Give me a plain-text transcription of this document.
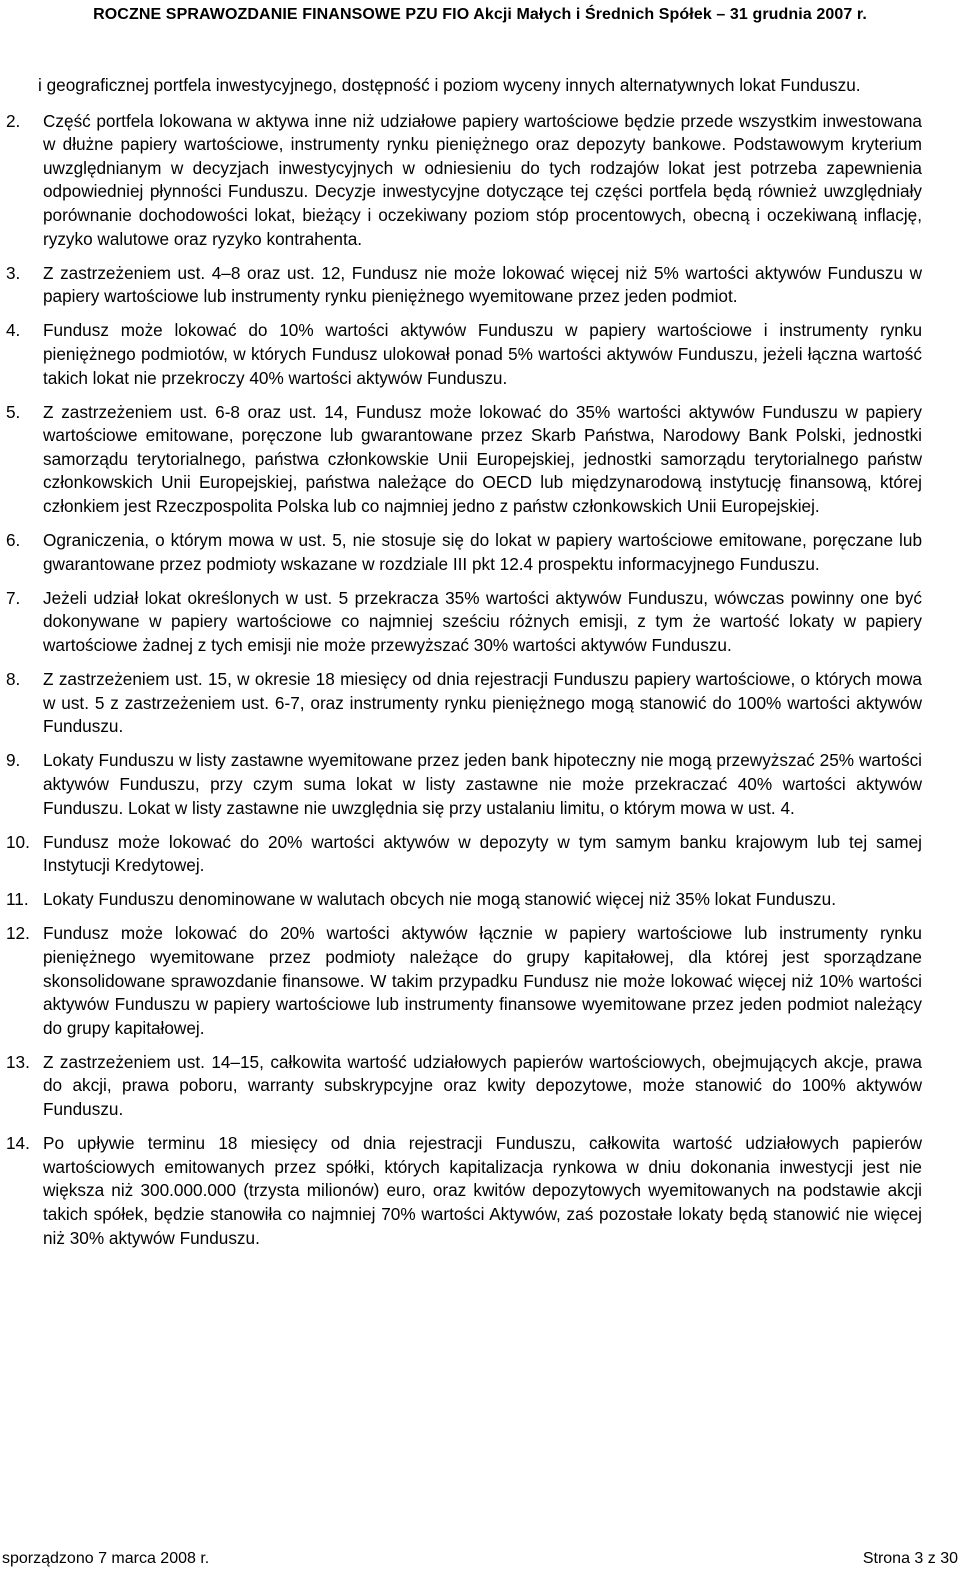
ROCZNE SPRAWOZDANIE FINANSOWE PZU FIO Akcji Małych i Średnich Spółek – 31 grudnia 2007 r.

i geograficznej portfela inwestycyjnego, dostępność i poziom wyceny innych alternatywnych lokat Funduszu.

2.	Część portfela lokowana w aktywa inne niż udziałowe papiery wartościowe będzie przede wszystkim inwestowana w dłużne papiery wartościowe, instrumenty rynku pieniężnego oraz depozyty bankowe. Podstawowym kryterium uwzględnianym w decyzjach inwestycyjnych w odniesieniu do tych rodzajów lokat jest potrzeba zapewnienia odpowiedniej płynności Funduszu. Decyzje inwestycyjne dotyczące tej części portfela będą również uwzględniały porównanie dochodowości lokat, bieżący i oczekiwany poziom stóp procentowych, obecną i oczekiwaną inflację, ryzyko walutowe oraz ryzyko kontrahenta.
3.	Z zastrzeżeniem ust. 4–8 oraz ust. 12, Fundusz nie może lokować więcej niż 5% wartości aktywów Funduszu w papiery wartościowe lub instrumenty rynku pieniężnego wyemitowane przez jeden podmiot.
4.	Fundusz może lokować do 10% wartości aktywów Funduszu w papiery wartościowe i instrumenty rynku pieniężnego podmiotów, w których Fundusz ulokował ponad 5% wartości aktywów Funduszu, jeżeli łączna wartość takich lokat nie przekroczy 40% wartości aktywów Funduszu.
5.	Z zastrzeżeniem ust. 6-8 oraz ust. 14, Fundusz może lokować do 35% wartości aktywów Funduszu w papiery wartościowe emitowane, poręczone lub gwarantowane przez Skarb Państwa, Narodowy Bank Polski, jednostki samorządu terytorialnego, państwa członkowskie Unii Europejskiej, jednostki samorządu terytorialnego państw członkowskich Unii Europejskiej, państwa należące do OECD lub międzynarodową instytucję finansową, której członkiem jest Rzeczpospolita Polska lub co najmniej jedno z państw członkowskich Unii Europejskiej.
6.	Ograniczenia, o którym mowa w ust. 5, nie stosuje się do lokat w papiery wartościowe emitowane, poręczane lub gwarantowane przez podmioty wskazane w rozdziale III pkt 12.4 prospektu informacyjnego Funduszu.
7.	Jeżeli udział lokat określonych w ust. 5 przekracza 35% wartości aktywów Funduszu, wówczas powinny one być dokonywane w papiery wartościowe co najmniej sześciu różnych emisji, z tym że wartość lokaty w papiery wartościowe żadnej z tych emisji nie może przewyższać 30% wartości aktywów Funduszu.
8.	Z zastrzeżeniem ust. 15, w okresie 18 miesięcy od dnia rejestracji Funduszu papiery wartościowe, o których mowa w ust. 5 z zastrzeżeniem ust. 6-7, oraz instrumenty rynku pieniężnego mogą stanowić do 100% wartości aktywów Funduszu.
9.	Lokaty Funduszu w listy zastawne wyemitowane przez jeden bank hipoteczny nie mogą przewyższać 25% wartości aktywów Funduszu, przy czym suma lokat w listy zastawne nie może przekraczać 40% wartości aktywów Funduszu. Lokat w listy zastawne nie uwzględnia się przy ustalaniu limitu, o którym mowa w ust. 4.
10. Fundusz może lokować do 20% wartości aktywów w depozyty w tym samym banku krajowym lub tej samej Instytucji Kredytowej.
11. Lokaty Funduszu denominowane w walutach obcych nie mogą stanowić więcej niż 35% lokat Funduszu.
12. Fundusz może lokować do 20% wartości aktywów łącznie w papiery wartościowe lub instrumenty rynku pieniężnego wyemitowane przez podmioty należące do grupy kapitałowej, dla której jest sporządzane skonsolidowane sprawozdanie finansowe. W takim przypadku Fundusz nie może lokować więcej niż 10% wartości aktywów Funduszu w papiery wartościowe lub instrumenty finansowe wyemitowane przez jeden podmiot należący do grupy kapitałowej.
13. Z zastrzeżeniem ust. 14–15, całkowita wartość udziałowych papierów wartościowych, obejmujących akcje, prawa do akcji, prawa poboru, warranty subskrypcyjne oraz kwity depozytowe, może stanowić do 100% aktywów Funduszu.
14. Po upływie terminu 18 miesięcy od dnia rejestracji Funduszu, całkowita wartość udziałowych papierów wartościowych emitowanych przez spółki, których kapitalizacja rynkowa w dniu dokonania inwestycji jest nie większa niż 300.000.000 (trzysta milionów) euro, oraz kwitów depozytowych wyemitowanych na podstawie akcji takich spółek, będzie stanowiła co najmniej 70% wartości Aktywów, zaś pozostałe lokaty będą stanowić nie więcej niż 30% aktywów Funduszu.
sporządzono 7 marca 2008 r.	Strona 3 z 30
